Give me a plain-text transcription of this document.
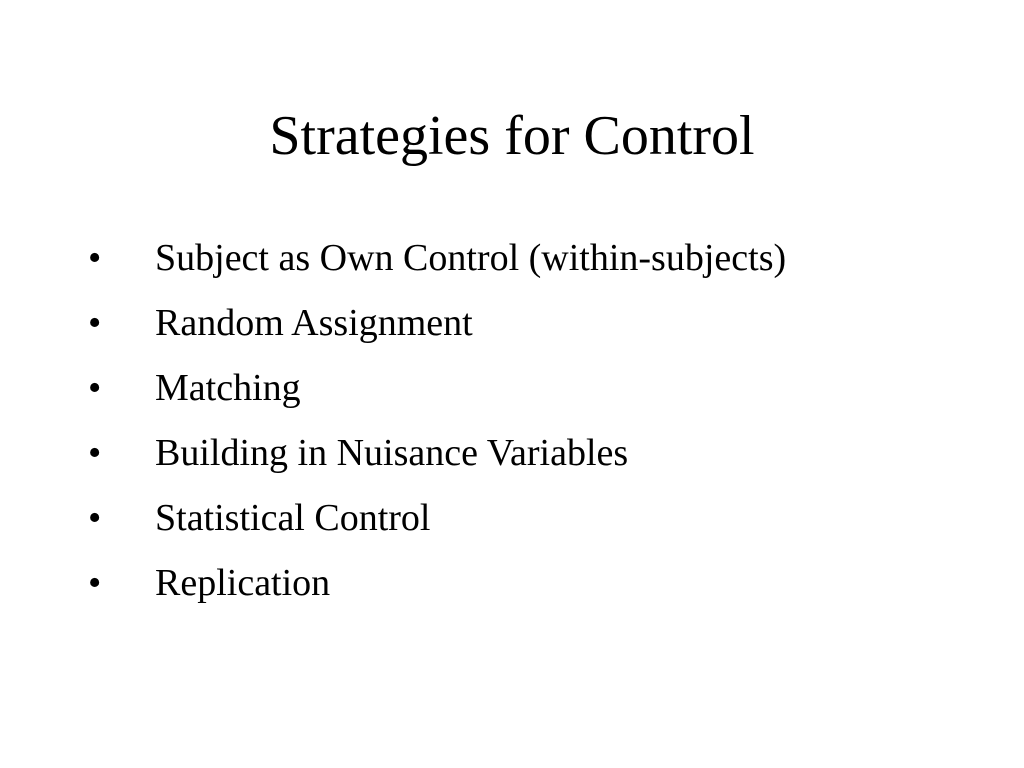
Strategies for Control
• Subject as Own Control (within-subjects)
• Random Assignment
• Matching
• Building in Nuisance Variables
• Statistical Control
• Replication
